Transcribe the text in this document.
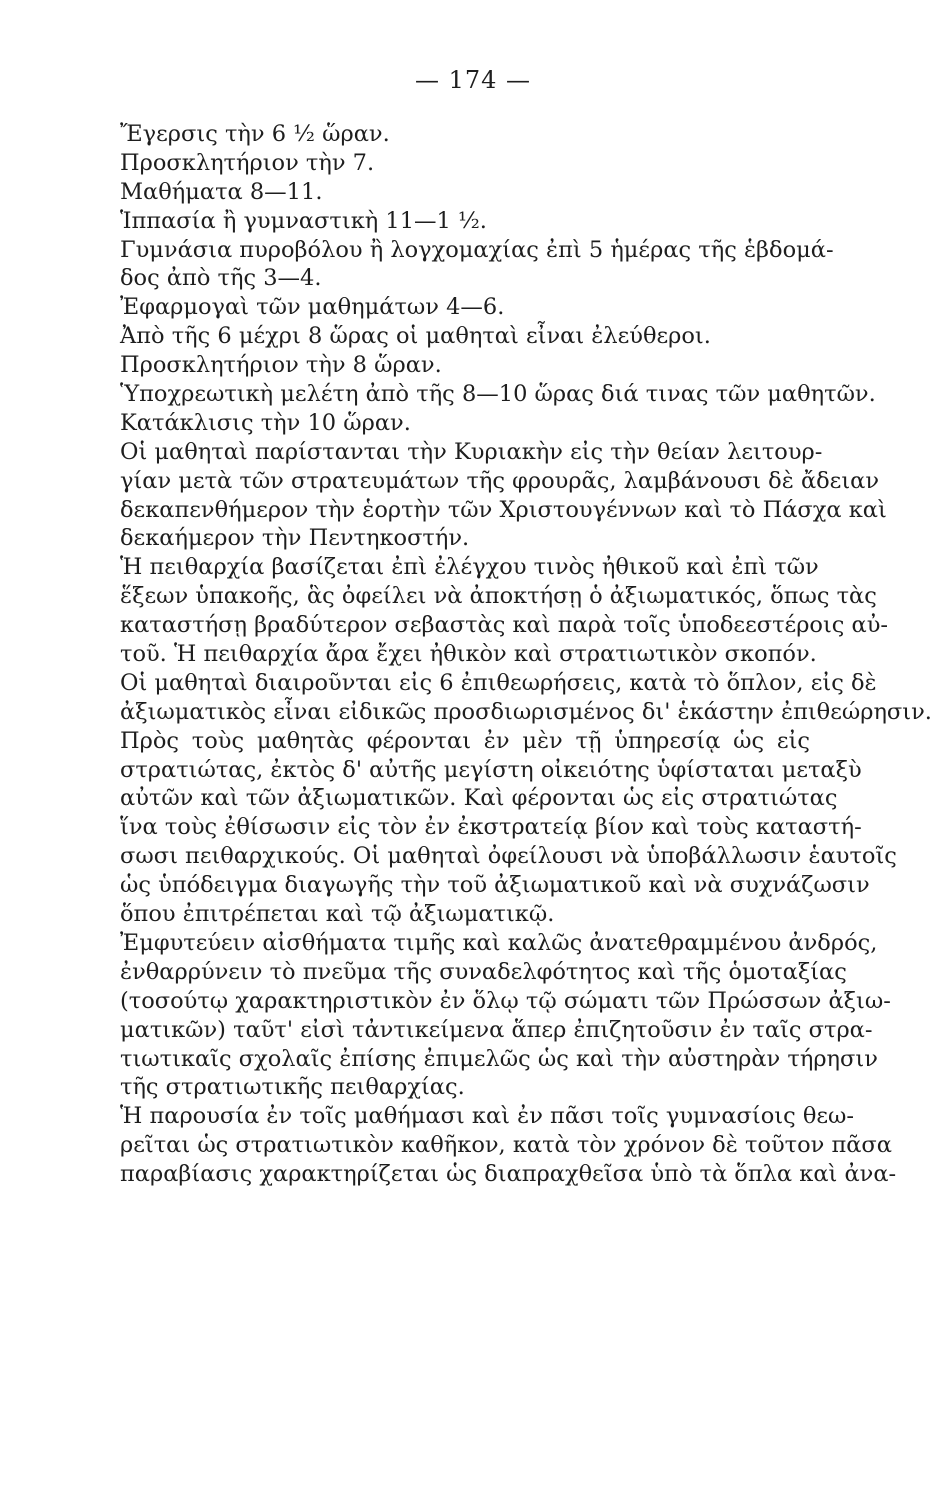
— 174 —
Ἔγερσις τὴν 6 ½ ὥραν.
Προσκλητήριον τὴν 7.
Μαθήματα 8—11.
Ἱππασία ἢ γυμναστικὴ 11—1 ½.
Γυμνάσια πυροβόλου ἢ λογχομαχίας ἐπὶ 5 ἡμέρας τῆς ἑβδομά-
δος ἀπὸ τῆς 3—4.
Ἐφαρμογαὶ τῶν μαθημάτων 4—6.
Ἀπὸ τῆς 6 μέχρι 8 ὥρας οἱ μαθηταὶ εἶναι ἐλεύθεροι.
Προσκλητήριον τὴν 8 ὥραν.
Ὑποχρεωτικὴ μελέτη ἀπὸ τῆς 8—10 ὥρας διά τινας τῶν μαθητῶν.
Κατάκλισις τὴν 10 ὥραν.
Οἱ μαθηταὶ παρίστανται τὴν Κυριακὴν εἰς τὴν θείαν λειτουρ-
γίαν μετὰ τῶν στρατευμάτων τῆς φρουρᾶς, λαμβάνουσι δὲ ἄδειαν
δεκαπενθήμερον τὴν ἑορτὴν τῶν Χριστουγέννων καὶ τὸ Πάσχα καὶ
δεκαήμερον τὴν Πεντηκοστήν.
Ἡ πειθαρχία βασίζεται ἐπὶ ἐλέγχου τινὸς ἠθικοῦ καὶ ἐπὶ τῶν
ἕξεων ὑπακοῆς, ἃς ὀφείλει νὰ ἀποκτήσῃ ὁ ἀξιωματικός, ὅπως τὰς
καταστήσῃ βραδύτερον σεβαστὰς καὶ παρὰ τοῖς ὑποδεεστέροις αὐ-
τοῦ. Ἡ πειθαρχία ἄρα ἔχει ἠθικὸν καὶ στρατιωτικὸν σκοπόν.
Οἱ μαθηταὶ διαιροῦνται εἰς 6 ἐπιθεωρήσεις, κατὰ τὸ ὅπλον, εἰς δὲ
ἀξιωματικὸς εἶναι εἰδικῶς προσδιωρισμένος δι' ἑκάστην ἐπιθεώρησιν.
Πρὸς τοὺς μαθητὰς φέρονται ἐν μὲν τῇ ὑπηρεσίᾳ ὡς εἰς
στρατιώτας, ἐκτὸς δ' αὐτῆς μεγίστη οἰκειότης ὑφίσταται μεταξὺ
αὐτῶν καὶ τῶν ἀξιωματικῶν. Καὶ φέρονται ὡς εἰς στρατιώτας
ἵνα τοὺς ἐθίσωσιν εἰς τὸν ἐν ἐκστρατείᾳ βίον καὶ τοὺς καταστή-
σωσι πειθαρχικούς. Οἱ μαθηταὶ ὀφείλουσι νὰ ὑποβάλλωσιν ἑαυτοῖς
ὡς ὑπόδειγμα διαγωγῆς τὴν τοῦ ἀξιωματικοῦ καὶ νὰ συχνάζωσιν
ὅπου ἐπιτρέπεται καὶ τῷ ἀξιωματικῷ.
Ἐμφυτεύειν αἰσθήματα τιμῆς καὶ καλῶς ἀνατεθραμμένου ἀνδρός,
ἐνθαρρύνειν τὸ πνεῦμα τῆς συναδελφότητος καὶ τῆς ὁμοταξίας
(τοσούτῳ χαρακτηριστικὸν ἐν ὅλῳ τῷ σώματι τῶν Πρώσσων ἀξιω-
ματικῶν) ταῦτ' εἰσὶ τἀντικείμενα ἅπερ ἐπιζητοῦσιν ἐν ταῖς στρα-
τιωτικαῖς σχολαῖς ἐπίσης ἐπιμελῶς ὡς καὶ τὴν αὐστηρὰν τήρησιν
τῆς στρατιωτικῆς πειθαρχίας.
Ἡ παρουσία ἐν τοῖς μαθήμασι καὶ ἐν πᾶσι τοῖς γυμνασίοις θεω-
ρεῖται ὡς στρατιωτικὸν καθῆκον, κατὰ τὸν χρόνον δὲ τοῦτον πᾶσα
παραβίασις χαρακτηρίζεται ὡς διαπραχθεῖσα ὑπὸ τὰ ὅπλα καὶ ἀνα-
